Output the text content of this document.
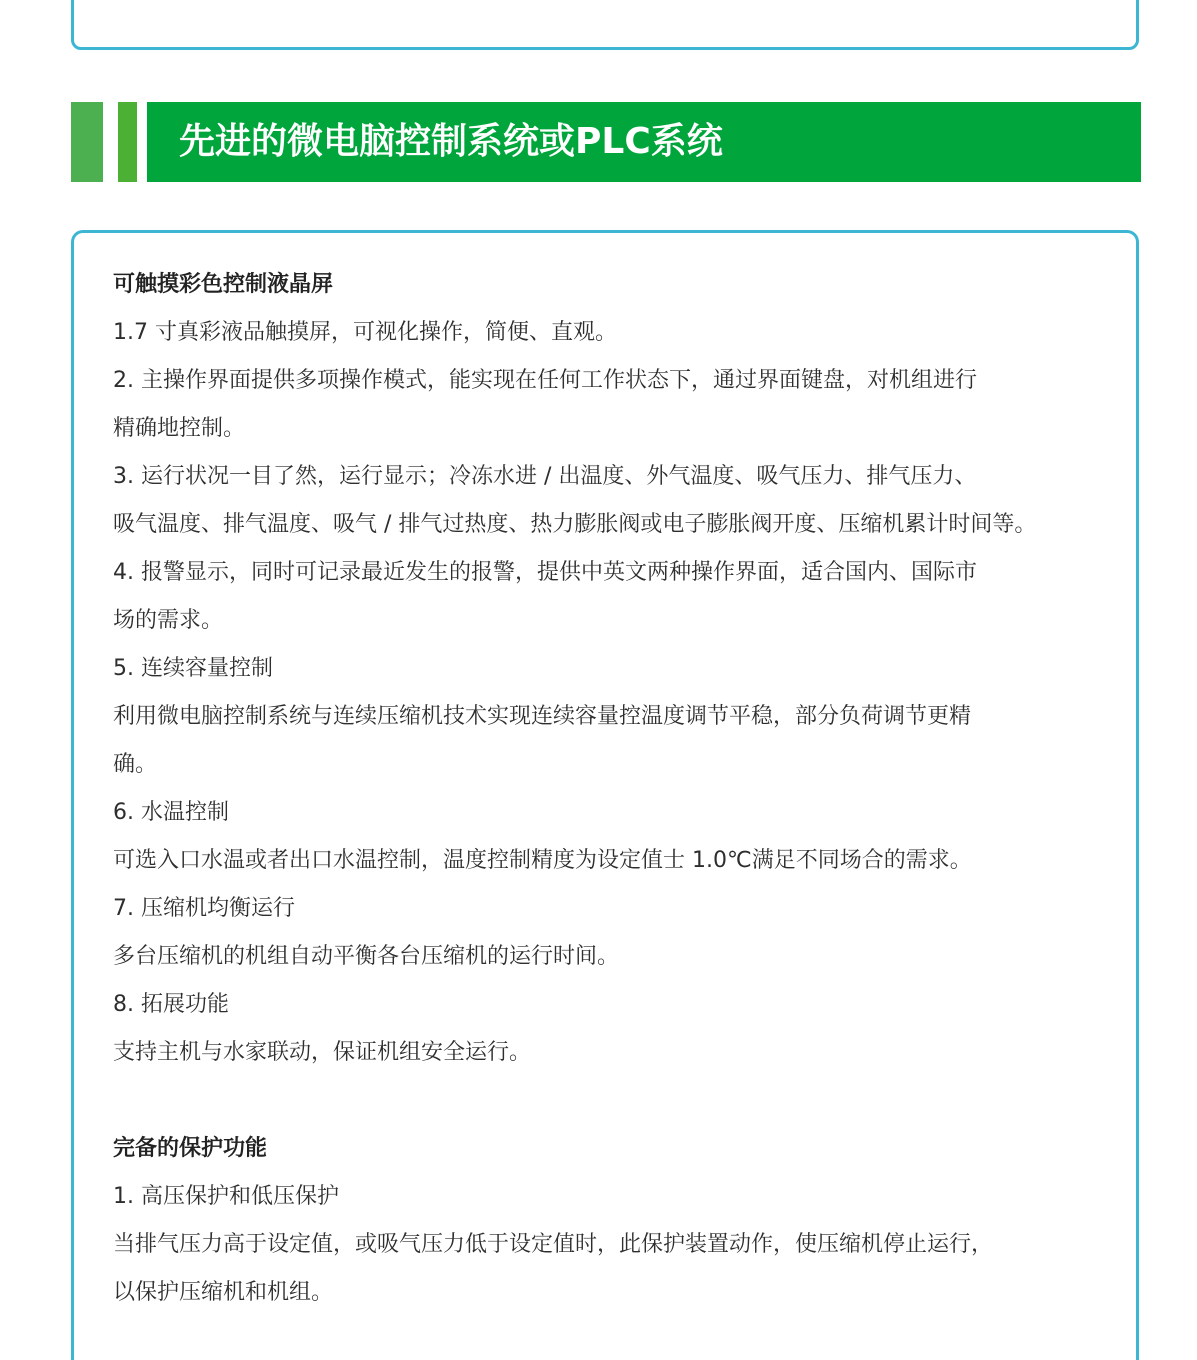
先进的微电脑控制系统或PLC系统
可触摸彩色控制液晶屏
1.7 寸真彩液品触摸屏，可视化操作，简便、直观。
2. 主操作界面提供多项操作模式，能实现在任何工作状态下，通过界面键盘，对机组进行
精确地控制。
3. 运行状况一目了然，运行显示；冷冻水进 / 出温度、外气温度、吸气压力、排气压力、
吸气温度、排气温度、吸气 / 排气过热度、热力膨胀阀或电子膨胀阀开度、压缩机累计时间等。
4. 报警显示，同时可记录最近发生的报警，提供中英文两种操作界面，适合国内、国际市
场的需求。
5. 连续容量控制
利用微电脑控制系统与连续压缩机技术实现连续容量控温度调节平稳，部分负荷调节更精
确。
6. 水温控制
可选入口水温或者出口水温控制，温度控制精度为设定值士 1.0℃满足不同场合的需求。
7. 压缩机均衡运行
多台压缩机的机组自动平衡各台压缩机的运行时间。
8. 拓展功能
支持主机与水家联动，保证机组安全运行。
完备的保护功能
1. 高压保护和低压保护
当排气压力高于设定值，或吸气压力低于设定值时，此保护装置动作，使压缩机停止运行，
以保护压缩机和机组。
